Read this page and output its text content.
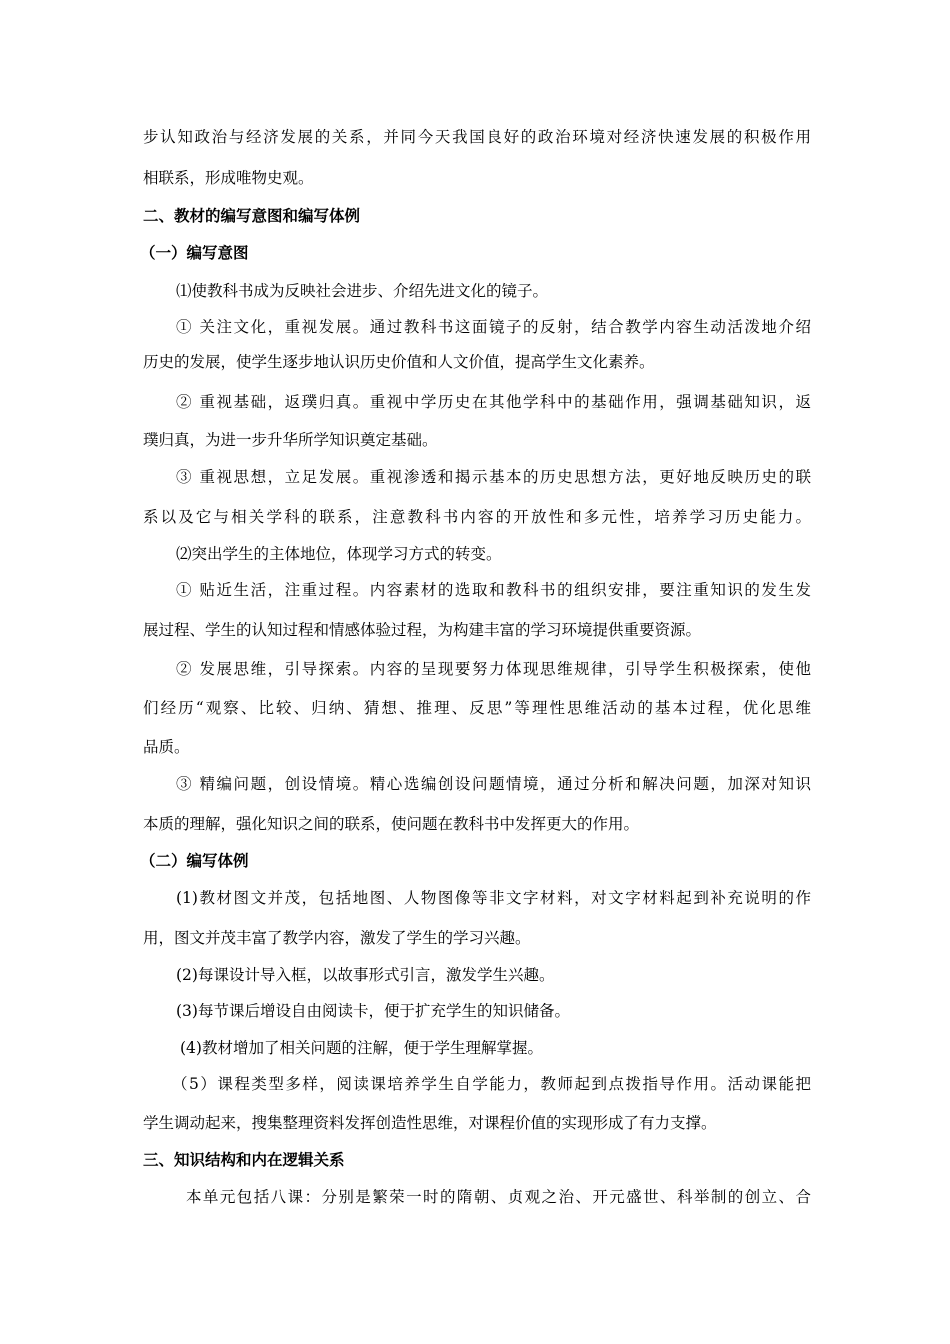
步认知政治与经济发展的关系，并同今天我国良好的政治环境对经济快速发展的积极作用

相联系，形成唯物史观。

二、教材的编写意图和编写体例

（一）编写意图

⑴使教科书成为反映社会进步、介绍先进文化的镜子。

① 关注文化，重视发展。通过教科书这面镜子的反射，结合教学内容生动活泼地介绍

历史的发展，使学生逐步地认识历史价值和人文价值，提高学生文化素养。

② 重视基础，返璞归真。重视中学历史在其他学科中的基础作用，强调基础知识，返

璞归真，为进一步升华所学知识奠定基础。

③ 重视思想，立足发展。重视渗透和揭示基本的历史思想方法，更好地反映历史的联

系以及它与相关学科的联系，注意教科书内容的开放性和多元性，培养学习历史能力。

⑵突出学生的主体地位，体现学习方式的转变。

① 贴近生活，注重过程。内容素材的选取和教科书的组织安排，要注重知识的发生发

展过程、学生的认知过程和情感体验过程，为构建丰富的学习环境提供重要资源。

② 发展思维，引导探索。内容的呈现要努力体现思维规律，引导学生积极探索，使他

们经历“观察、比较、归纳、猜想、推理、反思”等理性思维活动的基本过程，优化思维

品质。

③ 精编问题，创设情境。精心选编创设问题情境，通过分析和解决问题，加深对知识

本质的理解，强化知识之间的联系，使问题在教科书中发挥更大的作用。

（二）编写体例

(1)教材图文并茂，包括地图、人物图像等非文字材料，对文字材料起到补充说明的作

用，图文并茂丰富了教学内容，激发了学生的学习兴趣。

(2)每课设计导入框，以故事形式引言，激发学生兴趣。

(3)每节课后增设自由阅读卡，便于扩充学生的知识储备。

(4)教材增加了相关问题的注解，便于学生理解掌握。

（5）课程类型多样，阅读课培养学生自学能力，教师起到点拨指导作用。活动课能把

学生调动起来，搜集整理资料发挥创造性思维，对课程价值的实现形成了有力支撑。

三、知识结构和内在逻辑关系

本单元包括八课：分别是繁荣一时的隋朝、贞观之治、开元盛世、科举制的创立、合
